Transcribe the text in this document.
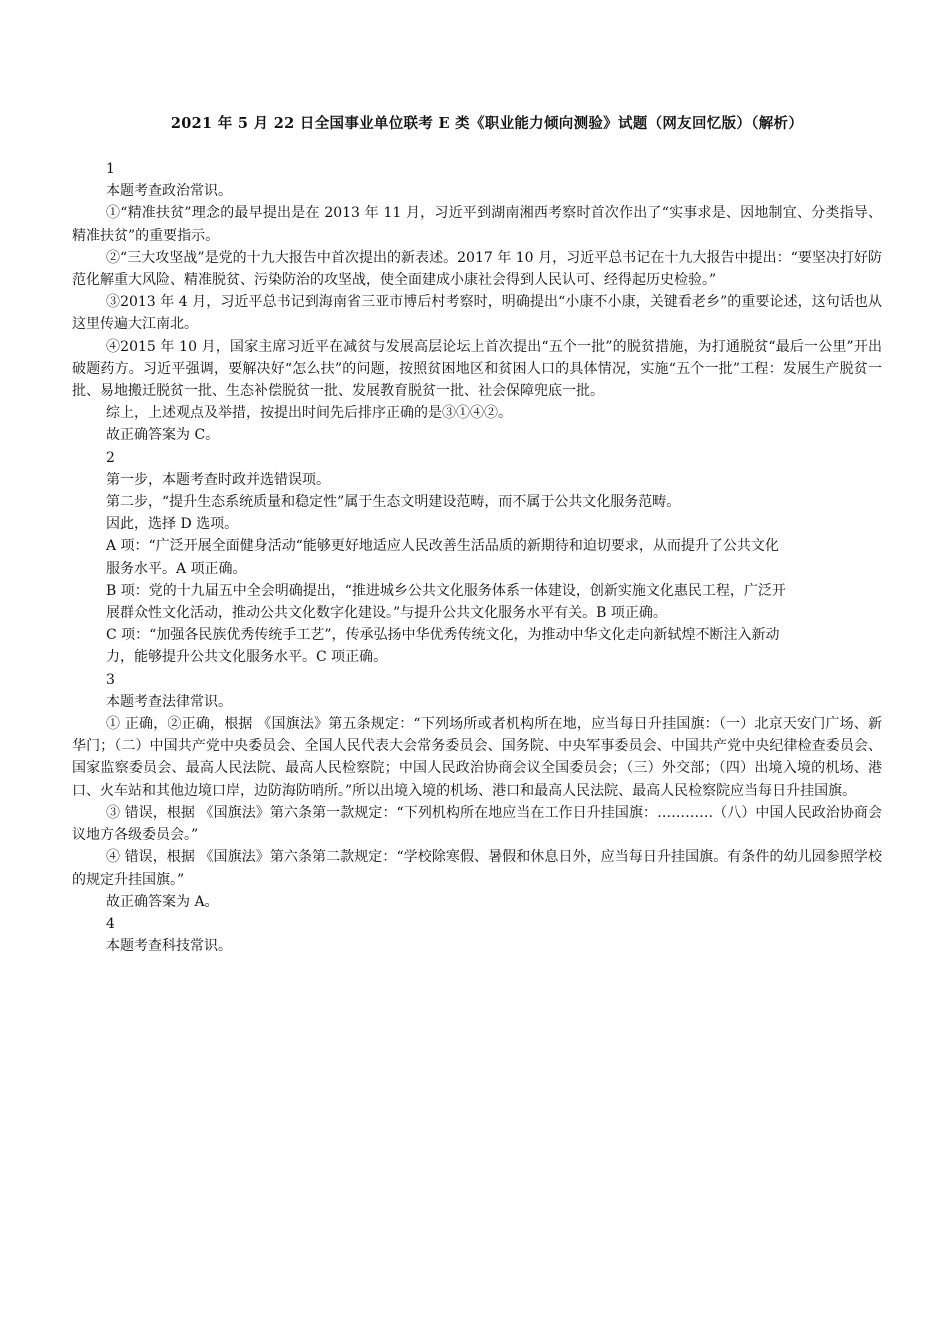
2021 年 5 月 22 日全国事业单位联考 E 类《职业能力倾向测验》试题（网友回忆版）（解析）

1

本题考查政治常识。

①“精准扶贫”理念的最早提出是在 2013 年 11 月，习近平到湖南湘西考察时首次作出了“实事求是、因地制宜、分类指导、精准扶贫”的重要指示。

②“三大攻坚战”是党的十九大报告中首次提出的新表述。2017 年 10 月，习近平总书记在十九大报告中提出：“要坚决打好防范化解重大风险、精准脱贫、污染防治的攻坚战，使全面建成小康社会得到人民认可、经得起历史检验。”

③2013 年 4 月，习近平总书记到海南省三亚市博后村考察时，明确提出“小康不小康，关键看老乡”的重要论述，这句话也从这里传遍大江南北。

④2015 年 10 月，国家主席习近平在减贫与发展高层论坛上首次提出“五个一批”的脱贫措施，为打通脱贫“最后一公里”开出破题药方。习近平强调，要解决好“怎么扶”的问题，按照贫困地区和贫困人口的具体情况，实施“五个一批”工程：发展生产脱贫一批、易地搬迁脱贫一批、生态补偿脱贫一批、发展教育脱贫一批、社会保障兜底一批。

综上，上述观点及举措，按提出时间先后排序正确的是③①④②。

故正确答案为 C。

2

第一步，本题考查时政并选错误项。

第二步，“提升生态系统质量和稳定性”属于生态文明建设范畴，而不属于公共文化服务范畴。

因此，选择 D 选项。

A 项：“广泛开展全面健身活动“能够更好地适应人民改善生活品质的新期待和迫切要求，从而提升了公共文化

服务水平。A 项正确。

B 项：党的十九届五中全会明确提出，“推进城乡公共文化服务体系一体建设，创新实施文化惠民工程，广泛开

展群众性文化活动，推动公共文化数字化建设。”与提升公共文化服务水平有关。B 项正确。

C 项：“加强各民族优秀传统手工艺”，传承弘扬中华优秀传统文化，为推动中华文化走向新轼煌不断注入新动

力，能够提升公共文化服务水平。C 项正确。

3

本题考查法律常识。

① 正确，②正确，根据 《国旗法》第五条规定：“下列场所或者机构所在地，应当每日升挂国旗：（一）北京天安门广场、新华门；（二）中国共产党中央委员会、全国人民代表大会常务委员会、国务院、中央军事委员会、中国共产党中央纪律检查委员会、国家监察委员会、最高人民法院、最高人民检察院；中国人民政治协商会议全国委员会；（三）外交部；（四）出境入境的机场、港口、火车站和其他边境口岸，边防海防哨所。”所以出境入境的机场、港口和最高人民法院、最高人民检察院应当每日升挂国旗。

③ 错误，根据 《国旗法》第六条第一款规定：“下列机构所在地应当在工作日升挂国旗：…………（八）中国人民政治协商会议地方各级委员会。”

④ 错误，根据 《国旗法》第六条第二款规定：“学校除寒假、暑假和休息日外，应当每日升挂国旗。有条件的幼儿园参照学校的规定升挂国旗。”

故正确答案为 A。

4

本题考查科技常识。
